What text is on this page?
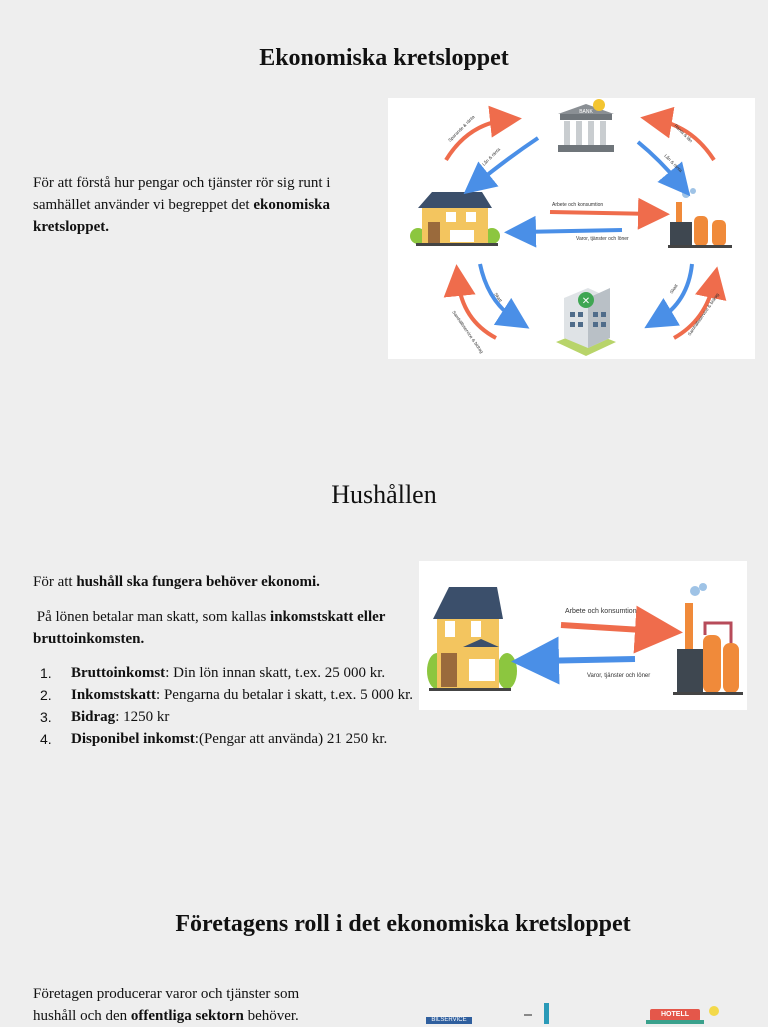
Ekonomiska kretsloppet

För att förstå hur pengar och tjänster rör sig runt i samhället använder vi begreppet det ekonomiska kretsloppet.

BANK
✕
Arbete och konsumtion
Varor, tjänster och löner
Sparande & ränta
Lån & ränta
Ränta & lån
Lån & ränta
Skatt
Samhällsservice & bidrag
Skatt
Samhällsservice & bidrag
Hushållen

För att hushåll ska fungera behöver ekonomi.

På lönen betalar man skatt, som kallas inkomstskatt eller bruttoinkomsten.

1. Bruttoinkomst: Din lön innan skatt, t.ex. 25 000 kr.
2. Inkomstskatt: Pengarna du betalar i skatt, t.ex. 5 000 kr.
3. Bidrag: 1250 kr
4. Disponibel inkomst:(Pengar att använda) 21 250 kr.
Arbete och konsumtion
Varor, tjänster och löner
Företagens roll i det ekonomiska kretsloppet

Företagen producerar varor och tjänster som hushåll och den offentliga sektorn behöver.	BILSERVICE
HOTELL
